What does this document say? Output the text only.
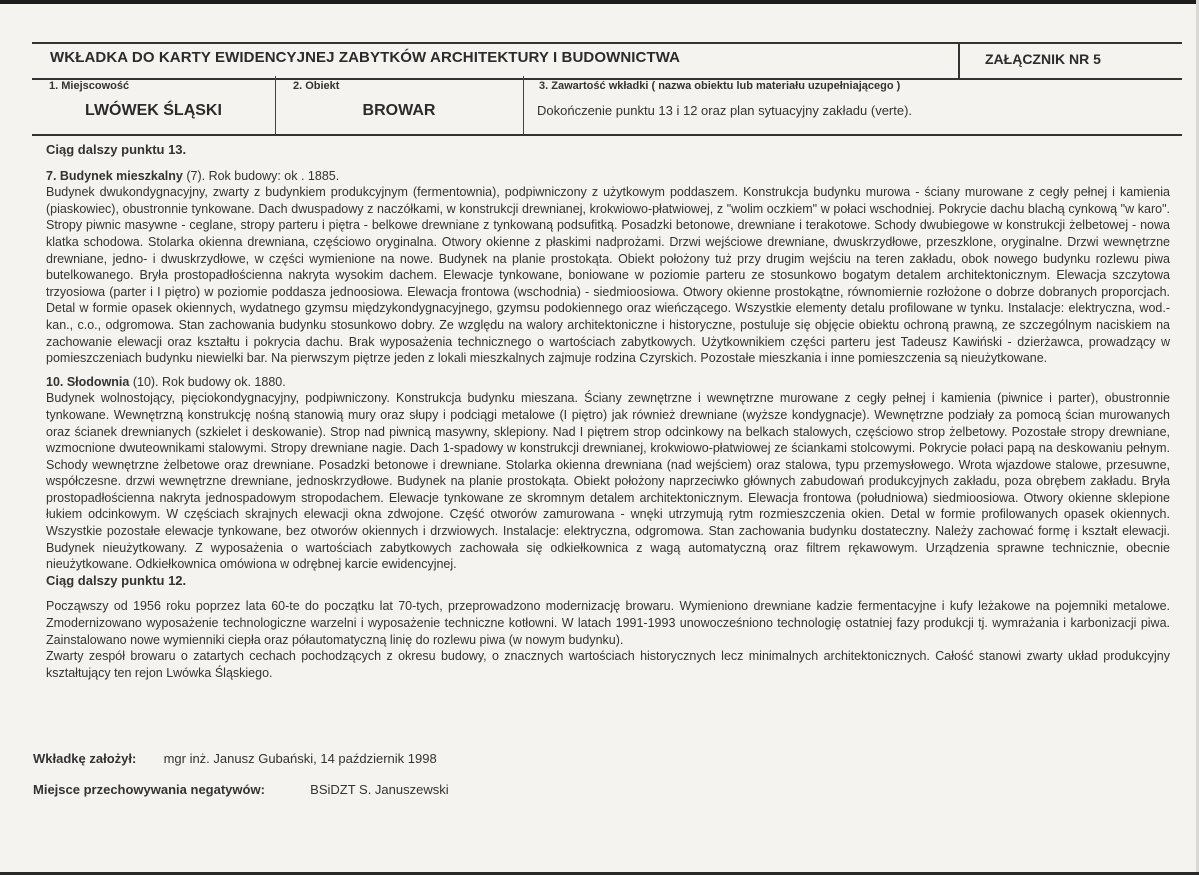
WKŁADKA DO KARTY EWIDENCYJNEJ ZABYTKÓW ARCHITEKTURY I BUDOWNICTWA	ZAŁĄCZNIK NR 5
1. Miejscowość
LWÓWEK ŚLĄSKI
2. Obiekt
BROWAR
3. Zawartość wkładki ( nazwa obiektu lub materiału uzupełniającego )
Dokończenie punktu 13 i 12 oraz plan sytuacyjny zakładu (verte).

Ciąg dalszy punktu 13.

7. Budynek mieszkalny (7). Rok budowy: ok . 1885.

Budynek dwukondygnacyjny, zwarty z budynkiem produkcyjnym (fermentownia), podpiwniczony z użytkowym poddaszem. Konstrukcja budynku murowa - ściany murowane z cegły pełnej i kamienia (piaskowiec), obustronnie tynkowane. Dach dwuspadowy z naczółkami, w konstrukcji drewnianej, krokwiowo-płatwiowej, z "wolim oczkiem" w połaci wschodniej. Pokrycie dachu blachą cynkową "w karo". Stropy piwnic masywne - ceglane, stropy parteru i piętra - belkowe drewniane z tynkowaną podsufitką. Posadzki betonowe, drewniane i terakotowe. Schody dwubiegowe w konstrukcji żelbetowej - nowa klatka schodowa. Stolarka okienna drewniana, częściowo oryginalna. Otwory okienne z płaskimi nadprożami. Drzwi wejściowe drewniane, dwuskrzydłowe, przeszklone, oryginalne. Drzwi wewnętrzne drewniane, jedno- i dwuskrzydłowe, w części wymienione na nowe. Budynek na planie prostokąta. Obiekt położony tuż przy drugim wejściu na teren zakładu, obok nowego budynku rozlewu piwa butelkowanego. Bryła prostopadłościenna nakryta wysokim dachem. Elewacje tynkowane, boniowane w poziomie parteru ze stosunkowo bogatym detalem architektonicznym. Elewacja szczytowa trzyosiowa (parter i I piętro) w poziomie poddasza jednoosiowa. Elewacja frontowa (wschodnia) - siedmioosiowa. Otwory okienne prostokątne, równomiernie rozłożone o dobrze dobranych proporcjach. Detal w formie opasek okiennych, wydatnego gzymsu międzykondygnacyjnego, gzymsu podokiennego oraz wieńczącego. Wszystkie elementy detalu profilowane w tynku. Instalacje: elektryczna, wod.-kan., c.o., odgromowa. Stan zachowania budynku stosunkowo dobry. Ze względu na walory architektoniczne i historyczne, postuluje się objęcie obiektu ochroną prawną, ze szczególnym naciskiem na zachowanie elewacji oraz kształtu i pokrycia dachu. Brak wyposażenia technicznego o wartościach zabytkowych. Użytkownikiem części parteru jest Tadeusz Kawiński - dzierżawca, prowadzący w pomieszczeniach budynku niewielki bar. Na pierwszym piętrze jeden z lokali mieszkalnych zajmuje rodzina Czyrskich. Pozostałe mieszkania i inne pomieszczenia są nieużytkowane.

10. Słodownia (10). Rok budowy ok. 1880.

Budynek wolnostojący, pięciokondygnacyjny, podpiwniczony. Konstrukcja budynku mieszana. Ściany zewnętrzne i wewnętrzne murowane z cegły pełnej i kamienia (piwnice i parter), obustronnie tynkowane. Wewnętrzną konstrukcję nośną stanowią mury oraz słupy i podciągi metalowe (I piętro) jak również drewniane (wyższe kondygnacje). Wewnętrzne podziały za pomocą ścian murowanych oraz ścianek drewnianych (szkielet i deskowanie). Strop nad piwnicą masywny, sklepiony. Nad I piętrem strop odcinkowy na belkach stalowych, częściowo strop żelbetowy. Pozostałe stropy drewniane, wzmocnione dwuteownikami stalowymi. Stropy drewniane nagie. Dach 1-spadowy w konstrukcji drewnianej, krokwiowo-płatwiowej ze ściankami stolcowymi. Pokrycie połaci papą na deskowaniu pełnym. Schody wewnętrzne żelbetowe oraz drewniane. Posadzki betonowe i drewniane. Stolarka okienna drewniana (nad wejściem) oraz stalowa, typu przemysłowego. Wrota wjazdowe stalowe, przesuwne, współczesne. drzwi wewnętrzne drewniane, jednoskrzydłowe. Budynek na planie prostokąta. Obiekt położony naprzeciwko głównych zabudowań produkcyjnych zakładu, poza obrębem zakładu. Bryła prostopadłościenna nakryta jednospadowym stropodachem. Elewacje tynkowane ze skromnym detalem architektonicznym. Elewacja frontowa (południowa) siedmioosiowa. Otwory okienne sklepione łukiem odcinkowym. W częściach skrajnych elewacji okna zdwojone. Część otworów zamurowana - wnęki utrzymują rytm rozmieszczenia okien. Detal w formie profilowanych opasek okiennych. Wszystkie pozostałe elewacje tynkowane, bez otworów okiennych i drzwiowych. Instalacje: elektryczna, odgromowa. Stan zachowania budynku dostateczny. Należy zachować formę i kształt elewacji. Budynek nieużytkowany. Z wyposażenia o wartościach zabytkowych zachowała się odkiełkownica z wagą automatyczną oraz filtrem rękawowym. Urządzenia sprawne technicznie, obecnie nieużytkowane. Odkiełkownica omówiona w odrębnej karcie ewidencyjnej.

Ciąg dalszy punktu 12.

Począwszy od 1956 roku poprzez lata 60-te do początku lat 70-tych, przeprowadzono modernizację browaru. Wymieniono drewniane kadzie fermentacyjne i kufy leżakowe na pojemniki metalowe. Zmodernizowano wyposażenie technologiczne warzelni i wyposażenie techniczne kotłowni. W latach 1991-1993 unowocześniono technologię ostatniej fazy produkcji tj. wymrażania i karbonizacji piwa. Zainstalowano nowe wymienniki ciepła oraz półautomatyczną linię do rozlewu piwa (w nowym budynku).

Zwarty zespół browaru o zatartych cechach pochodzących z okresu budowy, o znacznych wartościach historycznych lecz minimalnych architektonicznych. Całość stanowi zwarty układ produkcyjny kształtujący ten rejon Lwówka Śląskiego.

Wkładkę założył: mgr inż. Janusz Gubański, 14 październik 1998
Miejsce przechowywania negatywów:	BSiDZT S. Januszewski
